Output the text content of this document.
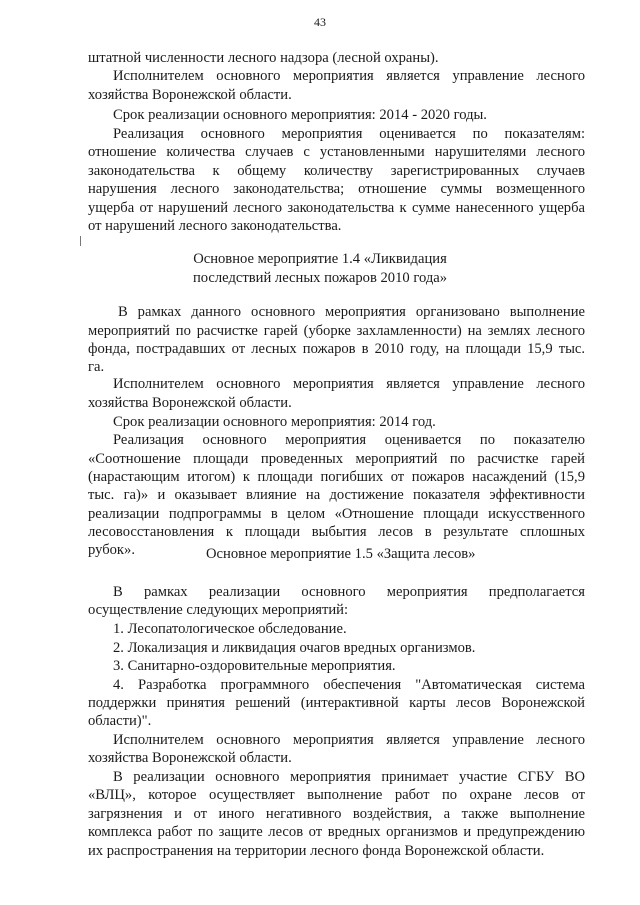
43
штатной численности лесного надзора (лесной охраны).
Исполнителем основного мероприятия является управление лесного
хозяйства Воронежской области.
Срок реализации основного мероприятия: 2014 - 2020 годы.
Реализация основного мероприятия оценивается по показателям:
отношение количества случаев с установленными нарушителями лесного
законодательства к общему количеству зарегистрированных случаев
нарушения лесного законодательства; отношение суммы возмещенного
ущерба от нарушений лесного законодательства к сумме нанесенного ущерба
от нарушений лесного законодательства.
Основное мероприятие 1.4 «Ликвидация
последствий лесных пожаров 2010 года»
В рамках данного основного мероприятия организовано выполнение
мероприятий по расчистке гарей (уборке захламленности) на землях лесного
фонда, пострадавших от лесных пожаров в 2010 году, на площади 15,9 тыс.
га.
Исполнителем основного мероприятия является управление лесного
хозяйства Воронежской области.
Срок реализации основного мероприятия: 2014 год.
Реализация основного мероприятия оценивается по показателю
«Соотношение площади проведенных мероприятий по расчистке гарей
(нарастающим итогом) к площади погибших от пожаров насаждений (15,9
тыс. га)» и оказывает влияние на достижение показателя эффективности
реализации подпрограммы в целом «Отношение площади искусственного
лесовосстановления к площади выбытия лесов в результате сплошных
рубок».	Основное мероприятие 1.5 «Защита лесов»
В рамках реализации основного мероприятия предполагается
осуществление следующих мероприятий:
1. Лесопатологическое обследование.
2. Локализация и ликвидация очагов вредных организмов.
3. Санитарно-оздоровительные мероприятия.
4. Разработка программного обеспечения "Автоматическая система
поддержки принятия решений (интерактивной карты лесов Воронежской
области)".
Исполнителем основного мероприятия является управление лесного
хозяйства Воронежской области.
В реализации основного мероприятия принимает участие СГБУ ВО
«ВЛЦ», которое осуществляет выполнение работ по охране лесов от
загрязнения и от иного негативного воздействия, а также выполнение
комплекса работ по защите лесов от вредных организмов и предупреждению
их распространения на территории лесного фонда Воронежской области.
